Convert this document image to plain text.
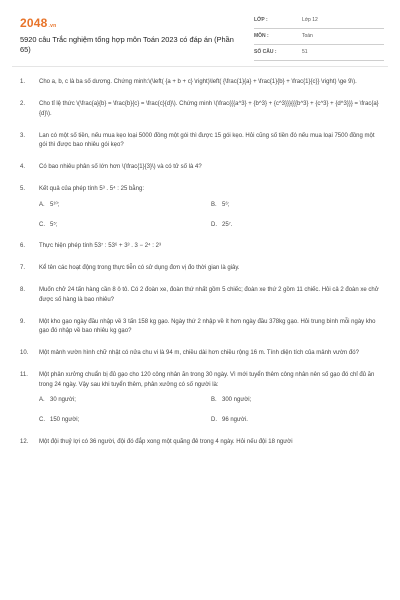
2048.vn
5920 câu Trắc nghiệm tổng hợp môn Toán 2023 có đáp án (Phần 65)
LỚP :	Lớp 12
MÔN :	Toán
SỐ CÂU :	51
1. Cho a, b, c là ba số dương. Chứng minh:\(\left( {a + b + c} \right)\left( {\frac{1}{a} + \frac{1}{b} + \frac{1}{c}} \right) \ge 9\).
2. Cho tỉ lệ thức \(\frac{a}{b} = \frac{b}{c} = \frac{c}{d}\). Chứng minh \(\frac{{{a^3} + {b^3} + {c^3}}}{{{b^3} + {c^3} + {d^3}}} = \frac{a}{d}\).
3. Lan có một số tiền, nếu mua kẹo loại 5000 đồng một gói thì được 15 gói kẹo. Hỏi cũng số tiền đó nếu mua loại 7500 đồng một gói thì được bao nhiêu gói kẹo?
4. Có bao nhiêu phân số lớn hơn \(\frac{1}{3}\) và có tử số là 4?
5. Kết quả của phép tính 5³ . 5⁴ : 25 bằng:
A. 5¹⁰;	B. 5⁶;
C. 5⁵;	D. 25⁷.
6. Thực hiện phép tính 53⁷ : 53⁶ + 3³ . 3 − 2⁴ : 2³
7. Kể tên các hoạt động trong thực tiễn có sử dụng đơn vị đo thời gian là giây.
8. Muốn chở 24 tấn hàng cần 8 ô tô. Có 2 đoàn xe, đoàn thứ nhất gồm 5 chiếc; đoàn xe thứ 2 gồm 11 chiếc. Hỏi cả 2 đoàn xe chở được số hàng là bao nhiêu?
9. Một kho gạo ngày đầu nhập về 3 tấn 158 kg gạo. Ngày thứ 2 nhập về ít hơn ngày đầu 378kg gạo. Hỏi trung bình mỗi ngày kho gạo đó nhập về bao nhiêu kg gạo?
10. Một mảnh vườn hình chữ nhật có nửa chu vi là 94 m, chiều dài hơn chiều rộng 16 m. Tính diện tích của mảnh vườn đó?
11. Một phân xưởng chuẩn bị đủ gạo cho 120 công nhân ăn trong 30 ngày. Vì mới tuyển thêm công nhân nên số gạo đó chỉ đủ ăn trong 24 ngày. Vậy sau khi tuyển thêm, phân xưởng có số người là:
A. 30 người;	B. 300 người;
C. 150 người;	D. 96 người.
12. Một đội thuỷ lợi có 36 người, đội đó đắp xong một quãng đê trong 4 ngày. Hỏi nếu đội 18 người
